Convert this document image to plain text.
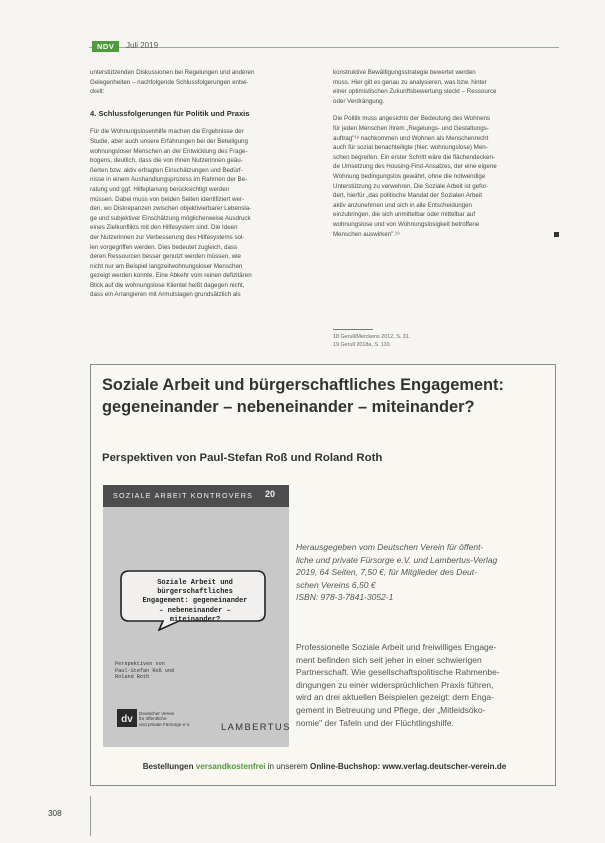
NDV	Juli 2019

unterstützenden Diskussionen bei Regelungen und anderen

Gelegenheiten – nachfolgende Schlussfolgerungen entwi-

ckelt:

4. Schlussfolgerungen für Politik und Praxis

Für die Wohnungslosenhilfe machen die Ergebnisse der

Studie, aber auch unsere Erfahrungen bei der Beteiligung

wohnungsloser Menschen an der Entwicklung des Frage-

bogens, deutlich, dass die von ihnen Nutzerinnen geäu-

ßerten bzw. aktiv erfragten Einschätzungen und Bedürf-

nisse in einem Aushandlungsprozess im Rahmen der Be-

ratung und ggf. Hilfeplanung berücksichtigt werden

müssen. Dabei muss von beiden Seiten identifiziert wer-

den, wo Diskrepanzen zwischen objektivierbarer Lebensla-

ge und subjektiver Einschätzung möglicherweise Ausdruck

eines Zielkonflikts mit den Hilfesystem sind. Die Ideen

der Nutzerinnen zur Verbesserung des Hilfesystems sol-

len vorgegriffen werden. Dies bedeutet zugleich, dass

deren Ressourcen besser genutzt werden müssen, wie

nicht nur am Beispiel langzeitwohnungsloser Menschen

gezeigt werden konnte. Eine Abkehr vom reinen defizitären

Blick auf die wohnungslose Klientel heißt dagegen nicht,

dass ein Arrangieren mit Armutslagen grundsätzlich als

konstruktive Bewältigungsstrategie bewertet werden

muss. Hier gilt es genau zu analysieren, was bzw. hinter

einer optimistischen Zukunftsbewertung steckt – Ressource

oder Verdrängung.

Die Politik muss angesichts der Bedeutung des Wohnens

für jeden Menschen ihrem „Regelungs- und Gestaltungs-

auftrag"¹⁸ nachkommen und Wohnen als Menschenrecht

auch für sozial benachteiligte (hier: wohnungslose) Men-

schen begreifen. Ein erster Schritt wäre die flächendecken-

de Umsetzung des Housing-First-Ansatzes, der eine eigene

Wohnung bedingungslos gewährt, ohne die notwendige

Unterstützung zu verwehren. Die Soziale Arbeit ist gefor-

dert, hierfür „das politische Mandat der Sozialen Arbeit

aktiv anzunehmen und sich in alle Entscheidungen

einzubringen, die sich unmittelbar oder mittelbar auf

wohnungslose und von Wohnungslosigkeit betroffene

Menschen auswirken".¹⁹

18 Gerull/Merckens 2012, S. 31.
19 Gerull 2018a, S. 110.
Soziale Arbeit und bürgerschaftliches Engagement:
gegeneinander – nebeneinander – miteinander?
Perspektiven von Paul-Stefan Roß und Roland Roth
SOZIALE ARBEIT KONTROVERS 20
Soziale Arbeit und
bürgerschaftliches
Engagement: gegeneinander
– nebeneinander –
miteinander?
Perspektiven von
Paul-Stefan Roß und
Roland Roth
dv
Deutscher Verein
für öffentliche
und private Fürsorge e.V.	LAMBERTUS
Herausgegeben vom Deutschen Verein für öffent-
liche und private Fürsorge e.V. und Lambertus-Verlag
2019, 64 Seiten, 7,50 €, für Mitglieder des Deut-
schen Vereins 6,50 €
ISBN: 978-3-7841-3052-1
Professionelle Soziale Arbeit und freiwilliges Engage-
ment befinden sich seit jeher in einer schwierigen
Partnerschaft. Wie gesellschaftspolitische Rahmenbe-
dingungen zu einer widersprüchlichen Praxis führen,
wird an drei aktuellen Beispielen gezeigt: dem Enga-
gement in Betreuung und Pflege, der „Mitleidsöko-
nomie" der Tafeln und der Flüchtlingshilfe.
Bestellungen versandkostenfrei in unserem Online-Buchshop: www.verlag.deutscher-verein.de
308
